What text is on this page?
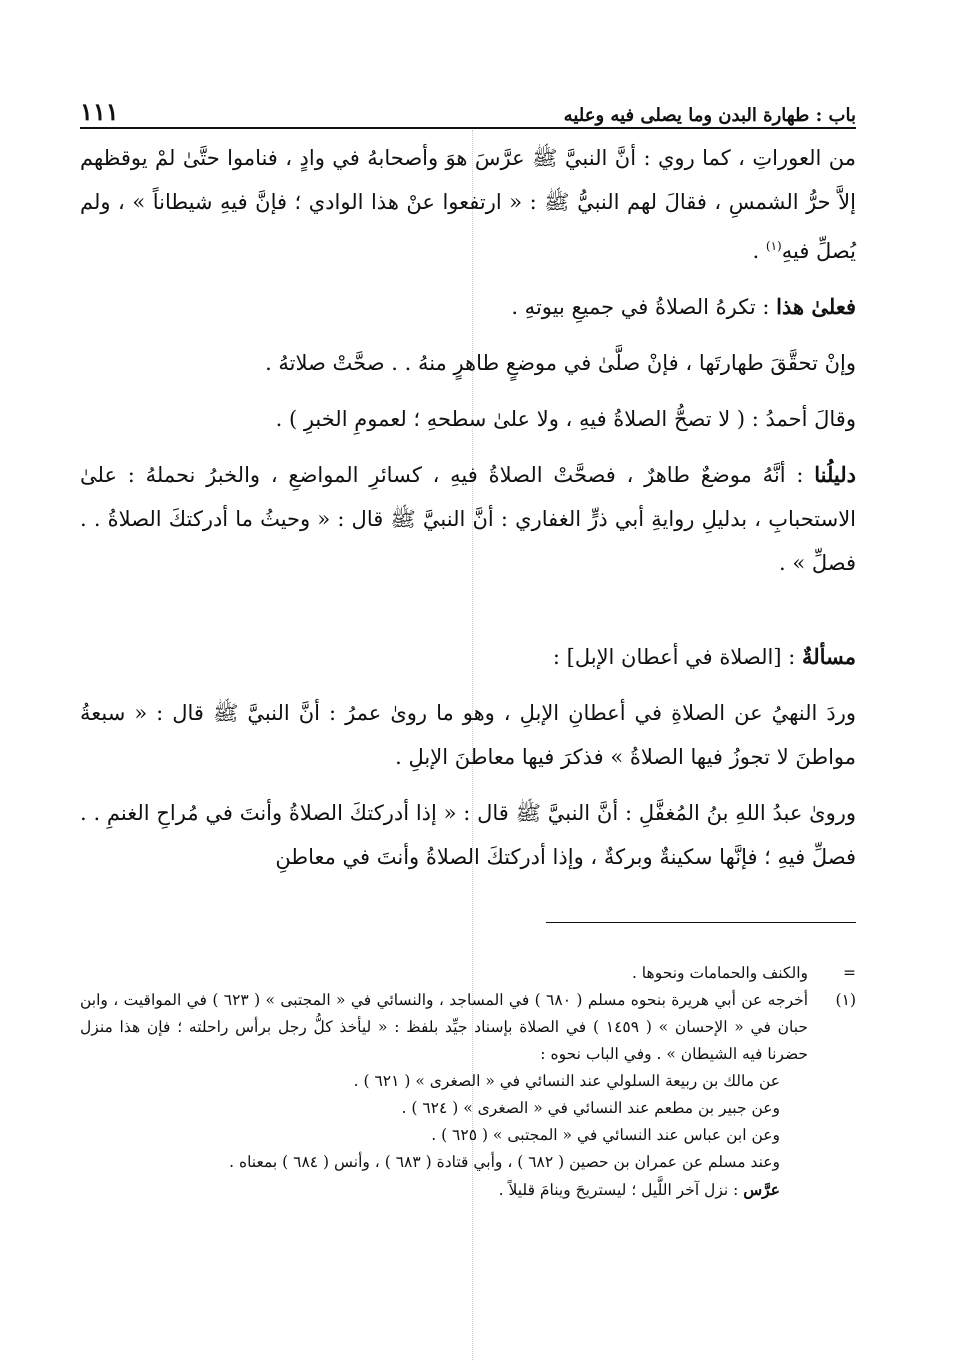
باب : طهارة البدن وما يصلى فيه وعليه
١١١

من العوراتِ ، كما روي : أنَّ النبيَّ ﷺ عرَّسَ هوَ وأصحابهُ في وادٍ ، فناموا حتَّىٰ لمْ يوقظهم إلاَّ حرُّ الشمسِ ، فقالَ لهم النبيُّ ﷺ : « ارتفعوا عنْ هذا الوادي ؛ فإنَّ فيهِ شيطاناً » ، ولم يُصلِّ فيهِ$^{(١)}$ .

فعلىٰ هذا : تكرهُ الصلاةُ في جميعِ بيوتهِ .

وإنْ تحقَّقَ طهارتَها ، فإنْ صلَّىٰ في موضعٍ طاهرٍ منهُ . . صحَّتْ صلاتهُ .

وقالَ أحمدُ : ( لا تصحُّ الصلاةُ فيهِ ، ولا علىٰ سطحهِ ؛ لعمومِ الخبرِ ) .

دليلُنا : أنَّهُ موضعٌ طاهرٌ ، فصحَّتْ الصلاةُ فيهِ ، كسائرِ المواضعِ ، والخبرُ نحملهُ : علىٰ الاستحبابِ ، بدليلِ روايةِ أبي ذرٍّ الغفاري : أنَّ النبيَّ ﷺ قال : « وحيثُ ما أدركتكَ الصلاةُ . . فصلِّ » .

مسألةٌ : [الصلاة في أعطان الإبل] :

وردَ النهيُ عن الصلاةِ في أعطانِ الإبلِ ، وهو ما روىٰ عمرُ : أنَّ النبيَّ ﷺ قال : « سبعةُ مواطنَ لا تجوزُ فيها الصلاةُ » فذكرَ فيها معاطنَ الإبلِ .

وروىٰ عبدُ اللهِ بنُ المُغفَّلِ : أنَّ النبيَّ ﷺ قال : « إذا أدركتكَ الصلاةُ وأنتَ في مُراحِ الغنمِ . . فصلِّ فيهِ ؛ فإنَّها سكينةٌ وبركةٌ ، وإذا أدركتكَ الصلاةُ وأنتَ في معاطنِ

=
والكنف والحمامات ونحوها .
(١)
أخرجه عن أبي هريرة بنحوه مسلم ( ٦٨٠ ) في المساجد ، والنسائي في « المجتبى » ( ٦٢٣ ) في المواقيت ، وابن حبان في « الإحسان » ( ١٤٥٩ ) في الصلاة بإسناد جيِّد بلفظ : « ليأخذ كلُّ رجل برأس راحلته ؛ فإن هذا منزل حضرنا فيه الشيطان » . وفي الباب نحوه :

عن مالك بن ربيعة السلولي عند النسائي في « الصغرى » ( ٦٢١ ) .

وعن جبير بن مطعم عند النسائي في « الصغرى » ( ٦٢٤ ) .

وعن ابن عباس عند النسائي في « المجتبى » ( ٦٢٥ ) .

وعند مسلم عن عمران بن حصين ( ٦٨٢ ) ، وأبي قتادة ( ٦٨٣ ) ، وأنس ( ٦٨٤ ) بمعناه .

عرَّس : نزل آخر اللَّيل ؛ ليستريحَ وينامَ قليلاً .
